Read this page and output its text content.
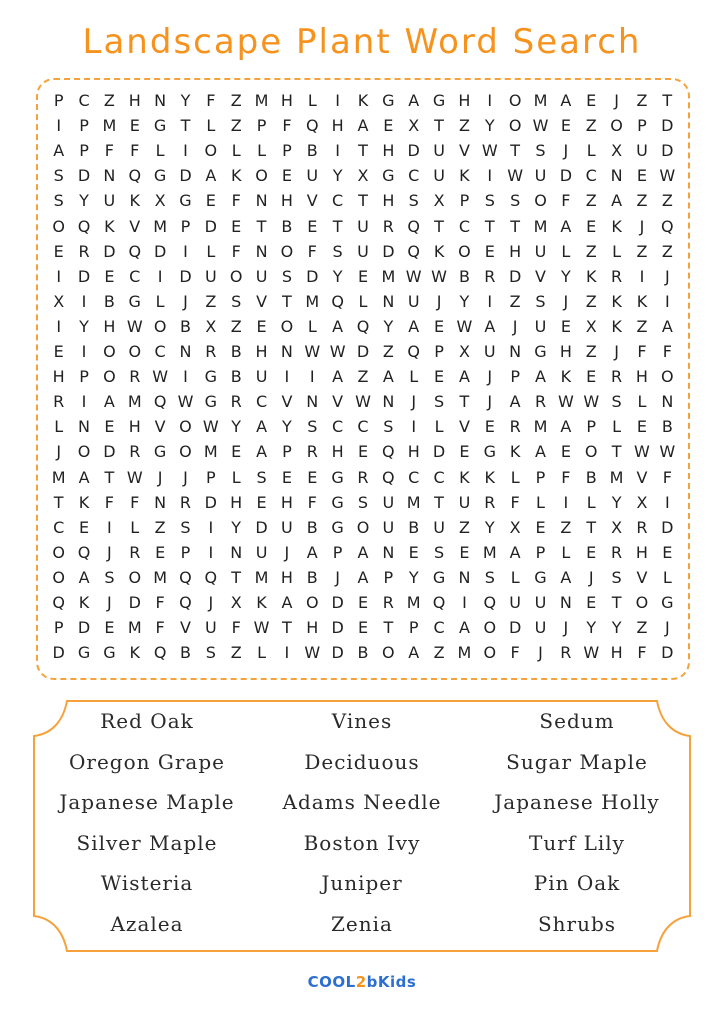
Landscape Plant Word Search
P C Z H N Y F Z M H L	I	K G A G H	I	O M A E	J	Z T
I	P M E G T	L Z P F Q H A E X T Z Y O W E Z O P D
A P F	F	L	I	O L	L	P B	I	T H D U V W T S	J	L X U D
S D N Q G D A K O E U Y X G C U K	I W U D C N E W
S Y U K X G E F N H V C T H S X P S S O F Z A Z Z
O Q K V M P D E T B E T U R Q T C T T M A E K	J	Q
E R D Q D	I	L	F N O F S U D Q K O E H U L Z L Z Z
I	D E C	I	D U O U S D Y E M W W B R D V Y K R	I	J
X	I	B G L	J	Z S V T M Q L N U	J	Y	I	Z S	J	Z K K	I
I	Y H W O B X Z E O L A Q Y A E W A	J	U E X K Z A
E	I	O O C N R B H N W W D Z Q P X U N G H Z	J	F	F
H P O R W I	G B U	I	I	A Z A L E A	J	P A K E R H O
R	I	A M Q W G R C V N V W N	J	S T	J	A R W W S L N
L N E H V O W Y A Y S C C S	I	L V E R M A P	L E B
J	O D R G O M E A P R H E Q H D E G K A E O T W W
M A T W J	J	P	L S E E G R Q C C K K L	P F B M V F
T K F	F N R D H E H F G S U M T U R F	L	I	L	Y X	I
C E	I	L Z S	I	Y D U B G O U B U Z Y X E Z T X R D
O Q	J	R E P	I	N U	J	A P A N E S E M A P	L E R H E
O A S O M Q Q T M H B	J	A P Y G N S L G A	J	S V L
Q K	J	D F Q	J	X K A O D E R M Q	I	Q U U N E T O G
P D E M F V U F W T H D E T P C A O D U	J	Y Y Z	J
D G G K Q B S Z L	I W D B O A Z M O F	J	R W H F D
Red Oak	Vines	Sedum
Oregon Grape	Deciduous	Sugar Maple
Japanese Maple	Adams Needle	Japanese Holly
Silver Maple	Boston Ivy	Turf Lily
Wisteria	Juniper	Pin Oak
Azalea	Zenia	Shrubs
COOL2bKids
